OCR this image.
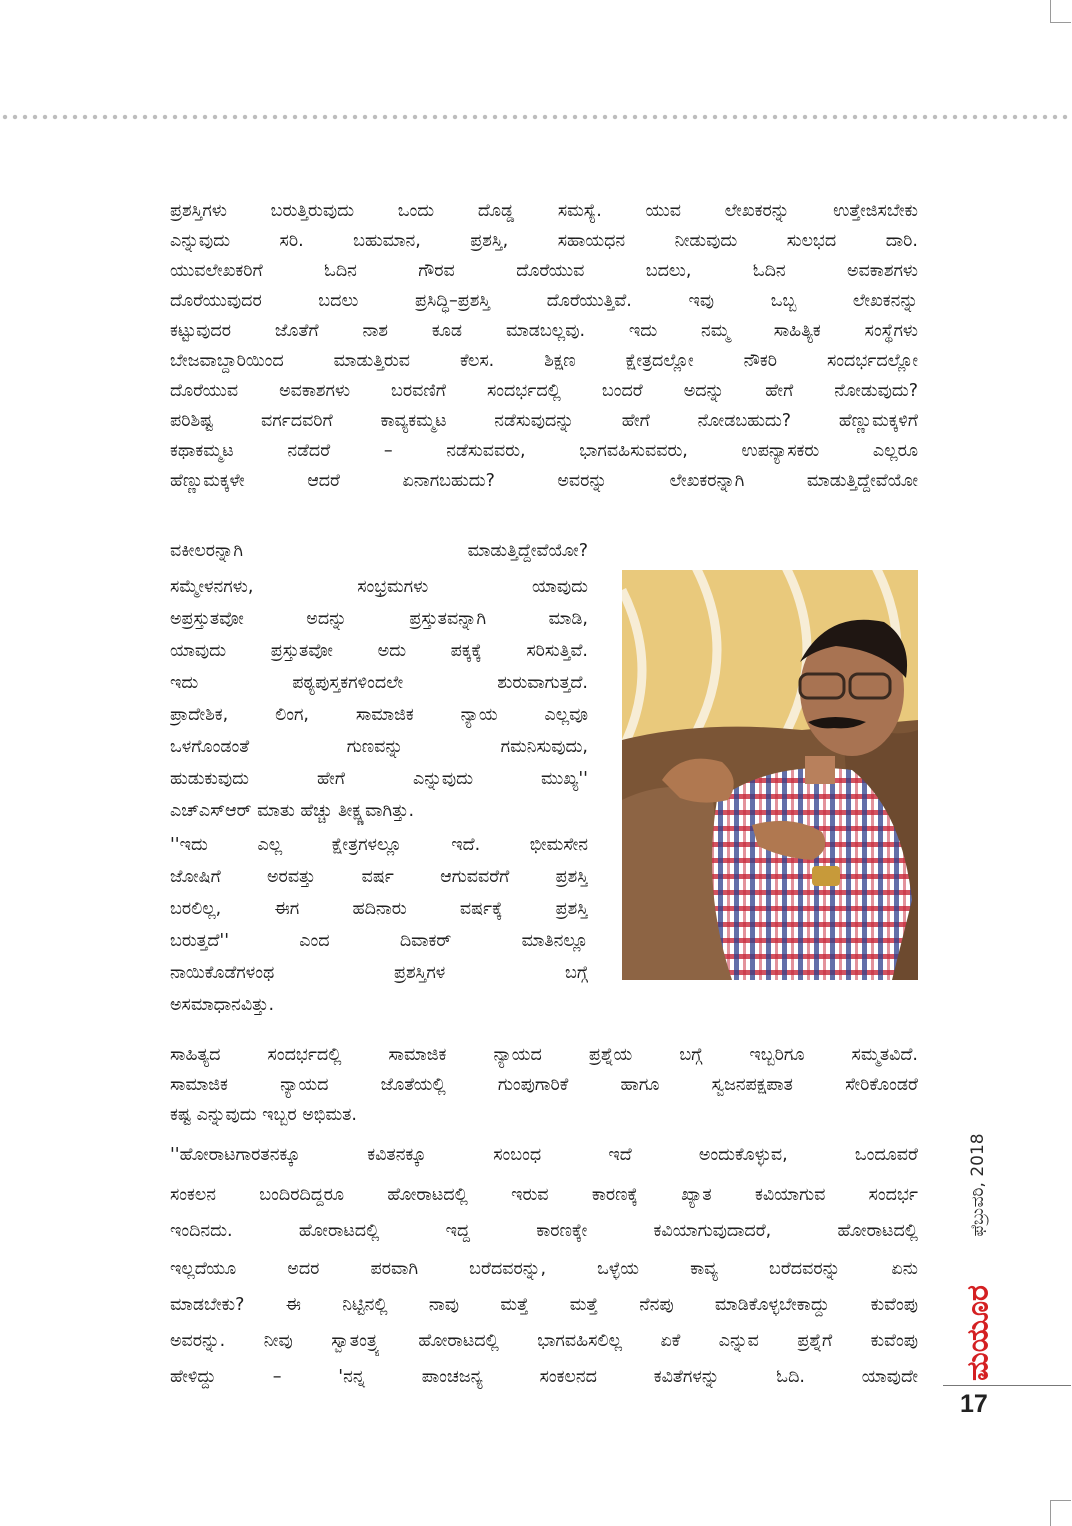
ಪ್ರಶಸ್ತಿಗಳು ಬರುತ್ತಿರುವುದು ಒಂದು ದೊಡ್ಡ ಸಮಸ್ಯೆ. ಯುವ ಲೇಖಕರನ್ನು ಉತ್ತೇಜಿಸಬೇಕು
ಎನ್ನುವುದು ಸರಿ. ಬಹುಮಾನ, ಪ್ರಶಸ್ತಿ, ಸಹಾಯಧನ ನೀಡುವುದು ಸುಲಭದ ದಾರಿ.
ಯುವಲೇಖಕರಿಗೆ ಓದಿನ ಗೌರವ ದೊರೆಯುವ ಬದಲು, ಓದಿನ ಅವಕಾಶಗಳು
ದೊರೆಯುವುದರ ಬದಲು ಪ್ರಸಿದ್ಧಿ–ಪ್ರಶಸ್ತಿ ದೊರೆಯುತ್ತಿವೆ. ಇವು ಒಬ್ಬ ಲೇಖಕನನ್ನು
ಕಟ್ಟುವುದರ ಜೊತೆಗೆ ನಾಶ ಕೂಡ ಮಾಡಬಲ್ಲವು. ಇದು ನಮ್ಮ ಸಾಹಿತ್ಯಿಕ ಸಂಸ್ಥೆಗಳು
ಬೇಜವಾಬ್ದಾರಿಯಿಂದ ಮಾಡುತ್ತಿರುವ ಕೆಲಸ. ಶಿಕ್ಷಣ ಕ್ಷೇತ್ರದಲ್ಲೋ ನೌಕರಿ ಸಂದರ್ಭದಲ್ಲೋ
ದೊರೆಯುವ ಅವಕಾಶಗಳು ಬರವಣಿಗೆ ಸಂದರ್ಭದಲ್ಲಿ ಬಂದರೆ ಅದನ್ನು ಹೇಗೆ ನೋಡುವುದು?
ಪರಿಶಿಷ್ಟ ವರ್ಗದವರಿಗೆ ಕಾವ್ಯಕಮ್ಮಟ ನಡೆಸುವುದನ್ನು ಹೇಗೆ ನೋಡಬಹುದು? ಹೆಣ್ಣುಮಕ್ಕಳಿಗೆ
ಕಥಾಕಮ್ಮಟ ನಡೆದರೆ – ನಡೆಸುವವರು, ಭಾಗವಹಿಸುವವರು, ಉಪನ್ಯಾಸಕರು ಎಲ್ಲರೂ
ಹೆಣ್ಣುಮಕ್ಕಳೇ ಆದರೆ ಏನಾಗಬಹುದು? ಅವರನ್ನು ಲೇಖಕರನ್ನಾಗಿ ಮಾಡುತ್ತಿದ್ದೇವೆಯೋ
ವಕೀಲರನ್ನಾಗಿ ಮಾಡುತ್ತಿದ್ದೇವೆಯೋ?
ಸಮ್ಮೇಳನಗಳು, ಸಂಭ್ರಮಗಳು ಯಾವುದು
ಅಪ್ರಸ್ತುತವೋ ಅದನ್ನು ಪ್ರಸ್ತುತವನ್ನಾಗಿ ಮಾಡಿ,
ಯಾವುದು ಪ್ರಸ್ತುತವೋ ಅದು ಪಕ್ಕಕ್ಕೆ ಸರಿಸುತ್ತಿವೆ.
ಇದು ಪಠ್ಯಪುಸ್ತಕಗಳಿಂದಲೇ ಶುರುವಾಗುತ್ತದೆ.
ಪ್ರಾದೇಶಿಕ, ಲಿಂಗ, ಸಾಮಾಜಿಕ ನ್ಯಾಯ ಎಲ್ಲವೂ
ಒಳಗೊಂಡಂತೆ ಗುಣವನ್ನು ಗಮನಿಸುವುದು,
ಹುಡುಕುವುದು ಹೇಗೆ ಎನ್ನುವುದು ಮುಖ್ಯ''
ಎಚ್ಎಸ್ಆರ್ ಮಾತು ಹೆಚ್ಚು ತೀಕ್ಷ್ಣವಾಗಿತ್ತು.
''ಇದು ಎಲ್ಲ ಕ್ಷೇತ್ರಗಳಲ್ಲೂ ಇದೆ. ಭೀಮಸೇನ
ಜೋಷಿಗೆ ಅರವತ್ತು ವರ್ಷ ಆಗುವವರೆಗೆ ಪ್ರಶಸ್ತಿ
ಬರಲಿಲ್ಲ, ಈಗ ಹದಿನಾರು ವರ್ಷಕ್ಕೆ ಪ್ರಶಸ್ತಿ
ಬರುತ್ತದೆ'' ಎಂದ ದಿವಾಕರ್ ಮಾತಿನಲ್ಲೂ
ನಾಯಿಕೊಡೆಗಳಂಥ ಪ್ರಶಸ್ತಿಗಳ ಬಗ್ಗೆ
ಅಸಮಾಧಾನವಿತ್ತು.
ಸಾಹಿತ್ಯದ ಸಂದರ್ಭದಲ್ಲಿ ಸಾಮಾಜಿಕ ನ್ಯಾಯದ ಪ್ರಶ್ನೆಯ ಬಗ್ಗೆ ಇಬ್ಬರಿಗೂ ಸಮ್ಮತವಿದೆ.
ಸಾಮಾಜಿಕ ನ್ಯಾಯದ ಜೊತೆಯಲ್ಲಿ ಗುಂಪುಗಾರಿಕೆ ಹಾಗೂ ಸ್ವಜನಪಕ್ಷಪಾತ ಸೇರಿಕೊಂಡರೆ
ಕಷ್ಟ ಎನ್ನುವುದು ಇಬ್ಬರ ಅಭಿಮತ.
''ಹೋರಾಟಗಾರತನಕ್ಕೂ ಕವಿತನಕ್ಕೂ ಸಂಬಂಧ ಇದೆ ಅಂದುಕೊಳ್ಳುವ, ಒಂದೂವರೆ
ಸಂಕಲನ ಬಂದಿರದಿದ್ದರೂ ಹೋರಾಟದಲ್ಲಿ ಇರುವ ಕಾರಣಕ್ಕೆ ಖ್ಯಾತ ಕವಿಯಾಗುವ ಸಂದರ್ಭ
ಇಂದಿನದು. ಹೋರಾಟದಲ್ಲಿ ಇದ್ದ ಕಾರಣಕ್ಕೇ ಕವಿಯಾಗುವುದಾದರೆ, ಹೋರಾಟದಲ್ಲಿ
ಇಲ್ಲದೆಯೂ ಅದರ ಪರವಾಗಿ ಬರೆದವರನ್ನು, ಒಳ್ಳೆಯ ಕಾವ್ಯ ಬರೆದವರನ್ನು ಏನು
ಮಾಡಬೇಕು? ಈ ನಿಟ್ಟಿನಲ್ಲಿ ನಾವು ಮತ್ತೆ ಮತ್ತೆ ನೆನಪು ಮಾಡಿಕೊಳ್ಳಬೇಕಾದ್ದು ಕುವೆಂಪು
ಅವರನ್ನು. ನೀವು ಸ್ವಾತಂತ್ರ್ಯ ಹೋರಾಟದಲ್ಲಿ ಭಾಗವಹಿಸಲಿಲ್ಲ ಏಕೆ ಎನ್ನುವ ಪ್ರಶ್ನೆಗೆ ಕುವೆಂಪು
ಹೇಳಿದ್ದು – 'ನನ್ನ ಪಾಂಚಜನ್ಯ ಸಂಕಲನದ ಕವಿತೆಗಳನ್ನು ಓದಿ. ಯಾವುದೇ
ಫೆಬ್ರುವರಿ, 2018
ಮಯೂರ
17
